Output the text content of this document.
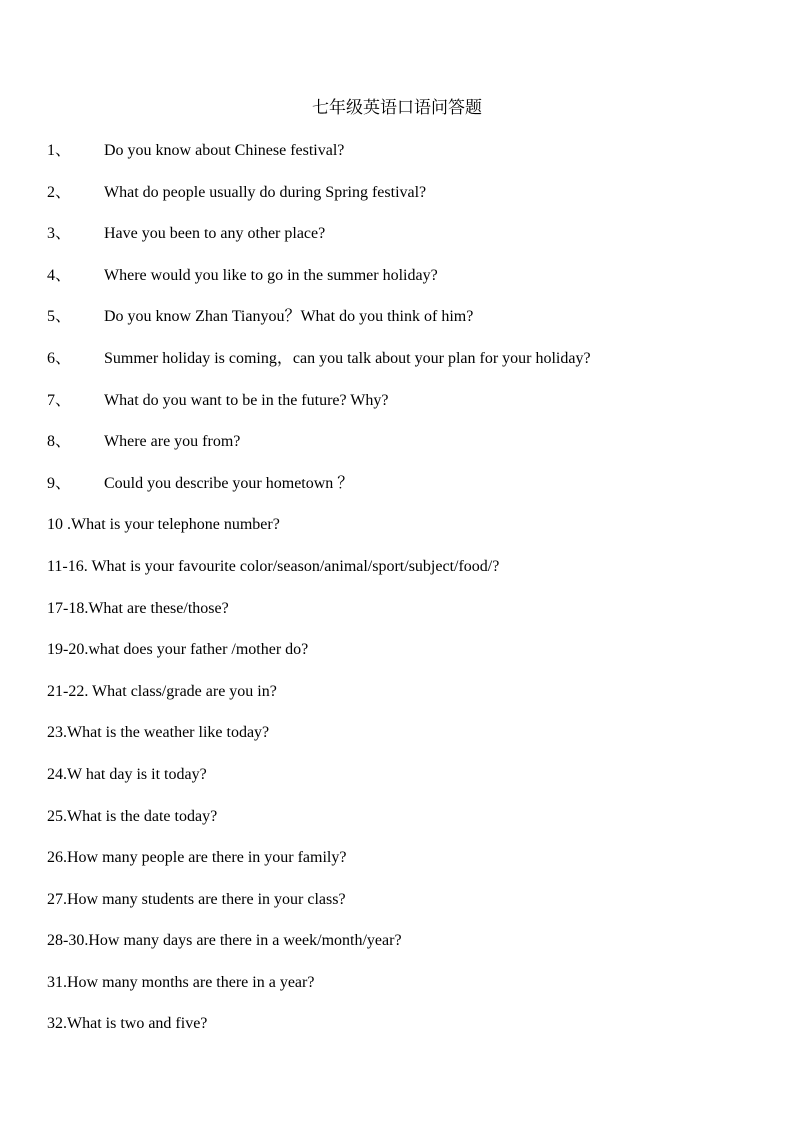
七年级英语口语问答题
1、 Do you know about Chinese festival?
2、 What do people usually do during Spring festival?
3、 Have you been to any other place?
4、 Where would you like to go in the summer holiday?
5、 Do you know Zhan Tianyou？What do you think of him?
6、 Summer holiday is coming，can you talk about your plan for your holiday?
7、 What do you want to be in the future? Why?
8、 Where are you from?
9、 Could you describe your hometown ？
10 .What is your telephone number?
11-16. What is your favourite color/season/animal/sport/subject/food/?
17-18.What are these/those?
19-20.what does your father /mother do?
21-22. What class/grade are you in?
23.What is the weather like today?
24.W hat day is it today?
25.What is the date today?
26.How many people are there in your family?
27.How many students are there in your class?
28-30.How many days are there in a week/month/year?
31.How many months are there in a year?
32.What is two and five?
